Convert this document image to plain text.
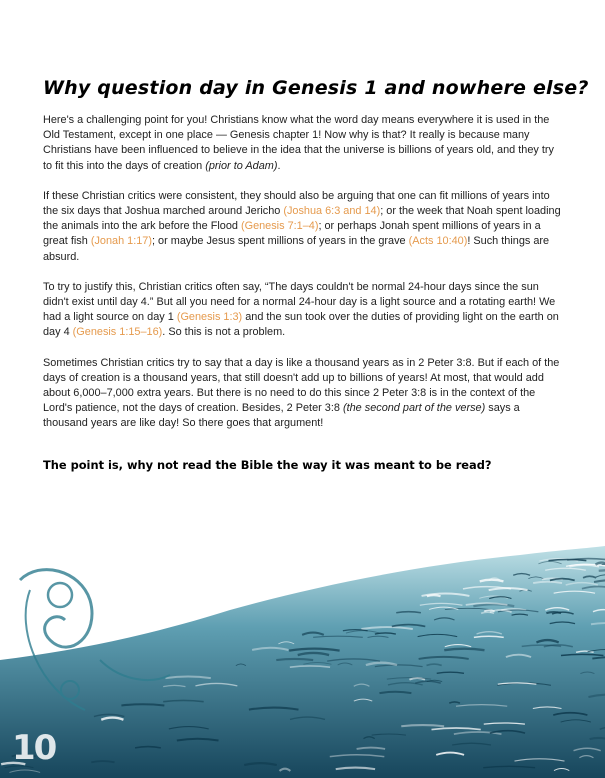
Why question day in Genesis 1 and nowhere else?

Here's a challenging point for you! Christians know what the word day means everywhere it is used in the Old Testament, except in one place — Genesis chapter 1! Now why is that? It really is because many Christians have been influenced to believe in the idea that the universe is billions of years old, and they try to fit this into the days of creation (prior to Adam).

If these Christian critics were consistent, they should also be arguing that one can fit millions of years into the six days that Joshua marched around Jericho (Joshua 6:3 and 14); or the week that Noah spent loading the animals into the ark before the Flood (Genesis 7:1–4); or perhaps Jonah spent millions of years in a great fish (Jonah 1:17); or maybe Jesus spent millions of years in the grave (Acts 10:40)! Such things are absurd.

To try to justify this, Christian critics often say, “The days couldn't be normal 24-hour days since the sun didn't exist until day 4.” But all you need for a normal 24-hour day is a light source and a rotating earth! We had a light source on day 1 (Genesis 1:3) and the sun took over the duties of providing light on the earth on day 4 (Genesis 1:15–16). So this is not a problem.

Sometimes Christian critics try to say that a day is like a thousand years as in 2 Peter 3:8. But if each of the days of creation is a thousand years, that still doesn't add up to billions of years! At most, that would add about 6,000–7,000 extra years. But there is no need to do this since 2 Peter 3:8 is in the context of the Lord's patience, not the days of creation. Besides, 2 Peter 3:8 (the second part of the verse) says a thousand years are like day! So there goes that argument!

The point is, why not read the Bible the way it was meant to be read?

10
